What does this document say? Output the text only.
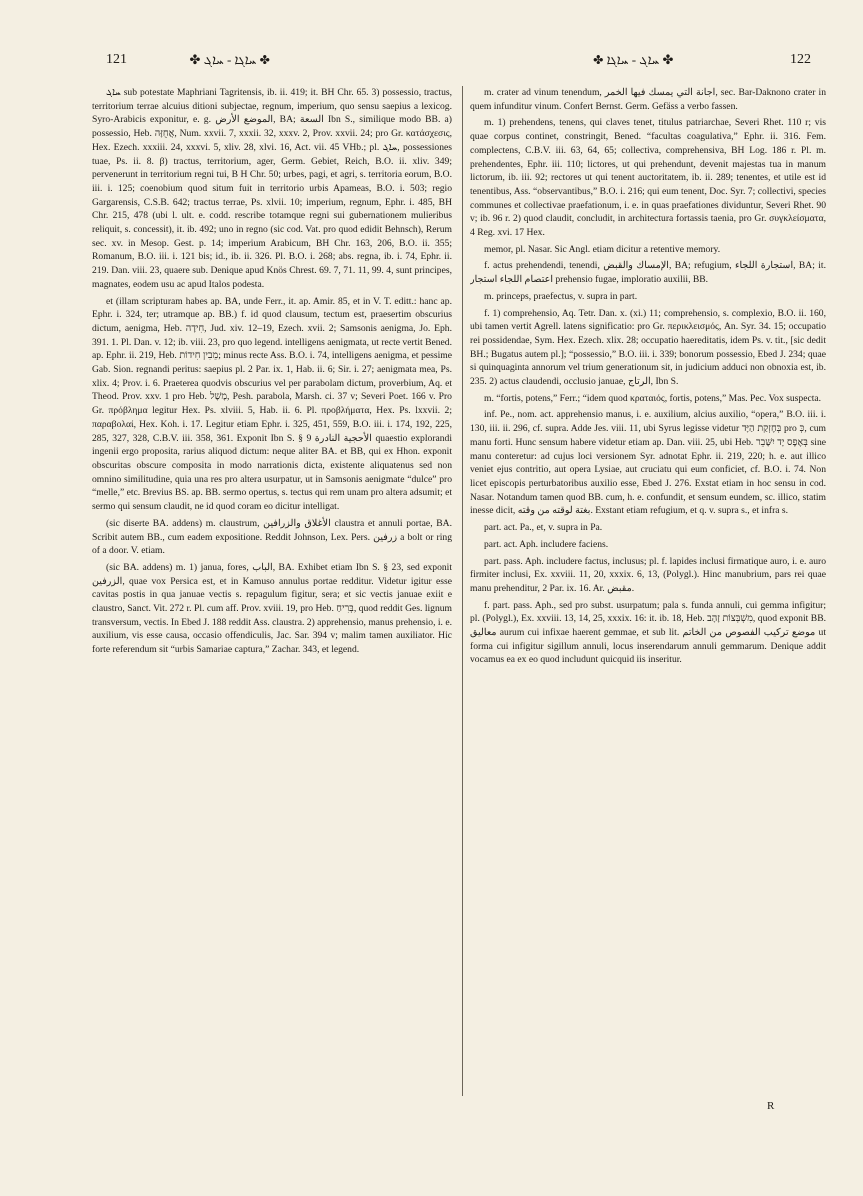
121	✤ ܚܐܓ - ܚܐܓܐ ✤ ✤ ܚܐܓܐ - ܚܐܓ ✤	122

ܚܐܓ sub potestate Maphriani Tagritensis, ib. ii. 419; it. BH Chr. 65. 3) possessio, tractus, territorium terrae alcuius ditioni subjectae, regnum, imperium, quo sensu saepius a lexicog. Syro-Arabicis exponitur, e. g. الموضع الأرض, BA; السعة Ibn S., similique modo BB. a) possessio, Heb. אֲחֻזָּה, Num. xxvii. 7, xxxii. 32, xxxv. 2, Prov. xxvii. 24; pro Gr. κατάσχεσις, Hex. Ezech. xxxiii. 24, xxxvi. 5, xliv. 28, xlvi. 16, Act. vii. 45 VHb.; pl. ܚܐܓ, possessiones tuae, Ps. ii. 8. β) tractus, territorium, ager, Germ. Gebiet, Reich, B.O. ii. xliv. 349; pervenerunt in territorium regni tui, B H Chr. 50; urbes, pagi, et agri, s. territoria eorum, B.O. iii. i. 125; coenobium quod situm fuit in territorio urbis Apameas, B.O. i. 503; regio Gargarensis, C.S.B. 642; tractus terrae, Ps. xlvii. 10; imperium, regnum, Ephr. i. 485, BH Chr. 215, 478 (ubi l. ult. e. codd. rescribe totamque regni sui gubernationem mulieribus reliquit, s. concessit), it. ib. 492; uno in regno (sic cod. Vat. pro quod edidit Behnsch), Rerum sec. xv. in Mesop. Gest. p. 14; imperium Arabicum, BH Chr. 163, 206, B.O. ii. 355; Romanum, B.O. iii. i. 121 bis; id., ib. ii. 326. Pl. B.O. i. 268; abs. regna, ib. i. 74, Ephr. ii. 219. Dan. viii. 23, quaere sub. Denique apud Knös Chrest. 69. 7, 71. 11, 99. 4, sunt principes, magnates, eodem usu ac apud Italos podesta.

et (illam scripturam habes ap. BA, unde Ferr., it. ap. Amir. 85, et in V. T. editt.: hanc ap. Ephr. i. 324, ter; utramque ap. BB.) f. id quod clausum, tectum est, praesertim obscurius dictum, aenigma, Heb. חִידָה, Jud. xiv. 12–19, Ezech. xvii. 2; Samsonis aenigma, Jo. Eph. 391. 1. Pl. Dan. v. 12; ib. viii. 23, pro quo legend. intelligens aenigmata, ut recte vertit Bened. ap. Ephr. ii. 219, Heb. מֵבִין חִידוֹת; minus recte Ass. B.O. i. 74, intelligens aenigma, et pessime Gab. Sion. regnandi peritus: saepius pl. 2 Par. ix. 1, Hab. ii. 6; Sir. i. 27; aenigmata mea, Ps. xlix. 4; Prov. i. 6. Praeterea quodvis obscurius vel per parabolam dictum, proverbium, Aq. et Theod. Prov. xxv. 1 pro Heb. מָשָׁל, Pesh. parabola, Marsh. ci. 37 v; Severi Poet. 166 v. Pro Gr. πρόβλημα legitur Hex. Ps. xlviii. 5, Hab. ii. 6. Pl. προβλήματα, Hex. Ps. lxxvii. 2; παραβολαί, Hex. Koh. i. 17. Legitur etiam Ephr. i. 325, 451, 559, B.O. iii. i. 174, 192, 225, 285, 327, 328, C.B.V. iii. 358, 361. Exponit Ibn S. § 9 الأحجية النادرة quaestio explorandi ingenii ergo proposita, rarius aliquod dictum: neque aliter BA. et BB, qui ex Hhon. exponit obscuritas obscure composita in modo narrationis dicta, existente aliquatenus sed non omnino similitudine, quia una res pro altera usurpatur, ut in Samsonis aenigmate “dulce” pro “melle,” etc. Brevius BS. ap. BB. sermo opertus, s. tectus qui rem unam pro altera adsumit; et sermo qui sensum claudit, ne id quod coram eo dicitur intelligat.

(sic diserte BA. addens) m. claustrum, الأغلاق والزرافين claustra et annuli portae, BA. Scribit autem BB., cum eadem expositione. Reddit Johnson, Lex. Pers. زرفين a bolt or ring of a door. V. etiam.

(sic BA. addens) m. 1) janua, fores, الباب, BA. Exhibet etiam Ibn S. § 23, sed exponit الزرفين, quae vox Persica est, et in Kamuso annulus portae redditur. Videtur igitur esse cavitas postis in qua januae vectis s. repagulum figitur, sera; et sic vectis januae exiit e claustro, Sanct. Vit. 272 r. Pl. cum aff. Prov. xviii. 19, pro Heb. בְּרִיחַ, quod reddit Ges. lignum transversum, vectis. In Ebed J. 188 reddit Ass. claustra. 2) apprehensio, manus prehensio, i. e. auxilium, vis esse causa, occasio offendiculis, Jac. Sar. 394 v; malim tamen auxiliator. Hic forte referendum sit “urbis Samariae captura,” Zachar. 343, et legend.

m. crater ad vinum tenendum, اجانة التي يمسك فيها الخمر, sec. Bar-Daknono crater in quem infunditur vinum. Confert Bernst. Germ. Gefäss a verbo fassen.

m. 1) prehendens, tenens, qui claves tenet, titulus patriarchae, Severi Rhet. 110 r; vis quae corpus continet, constringit, Bened. “facultas coagulativa,” Ephr. ii. 316. Fem. complectens, C.B.V. iii. 63, 64, 65; collectiva, comprehensiva, BH Log. 186 r. Pl. m. prehendentes, Ephr. iii. 110; lictores, ut qui prehendunt, devenit majestas tua in manum lictorum, ib. iii. 92; rectores ut qui tenent auctoritatem, ib. ii. 289; tenentes, et utile est id tenentibus, Ass. “observantibus,” B.O. i. 216; qui eum tenent, Doc. Syr. 7; collectivi, species communes et collectivae praefationum, i. e. in quas praefationes dividuntur, Severi Rhet. 90 v; ib. 96 r. 2) quod claudit, concludit, in architectura fortassis taenia, pro Gr. συγκλείσματα, 4 Reg. xvi. 17 Hex.

memor, pl. Nasar. Sic Angl. etiam dicitur a retentive memory.

f. actus prehendendi, tenendi, الإمساك والقبض, BA; refugium, استجارة اللجاء, BA; it. اعتصام اللجاء استجار prehensio fugae, imploratio auxilii, BB.

m. princeps, praefectus, v. supra in part.

f. 1) comprehensio, Aq. Tetr. Dan. x. (xi.) 11; comprehensio, s. complexio, B.O. ii. 160, ubi tamen vertit Agrell. latens significatio: pro Gr. περικλεισμός, An. Syr. 34. 15; occupatio rei possidendae, Sym. Hex. Ezech. xlix. 28; occupatio haereditatis, idem Ps. v. tit., [sic dedit BH.; Bugatus autem pl.]; “possessio,” B.O. iii. i. 339; bonorum possessio, Ebed J. 234; quae si quinquaginta annorum vel trium generationum sit, in judicium adduci non obnoxia est, ib. 235. 2) actus claudendi, occlusio januae, الرتاج, Ibn S.

m. “fortis, potens,” Ferr.; “idem quod κραταιός, fortis, potens,” Mas. Pec. Vox suspecta.

inf. Pe., nom. act. apprehensio manus, i. e. auxilium, alcius auxilio, “opera,” B.O. iii. i. 130, iii. ii. 296, cf. supra. Adde Jes. viii. 11, ubi Syrus legisse videtur בְּחֶזְקַת הַיָּד pro כְּ, cum manu forti. Hunc sensum habere videtur etiam ap. Dan. viii. 25, ubi Heb. בְּאֶפֶס יָד יִשָּׁבֵר sine manu conteretur: ad cujus loci versionem Syr. adnotat Ephr. ii. 219, 220; h. e. aut illico veniet ejus contritio, aut opera Lysiae, aut cruciatu qui eum conficiet, cf. B.O. i. 74. Non licet episcopis perturbatoribus auxilio esse, Ebed J. 276. Exstat etiam in hoc sensu in cod. Nasar. Notandum tamen quod BB. cum, h. e. confundit, et sensum eundem, sc. illico, statim inesse dicit, بغتة لوقته من وقته. Exstant etiam refugium, et q. v. supra s., et infra s.

part. act. Pa., et, v. supra in Pa.

part. act. Aph. includere faciens.

part. pass. Aph. includere factus, inclusus; pl. f. lapides inclusi firmatique auro, i. e. auro firmiter inclusi, Ex. xxviii. 11, 20, xxxix. 6, 13, (Polygl.). Hinc manubrium, pars rei quae manu prehenditur, 2 Par. ix. 16. Ar. مقبض.

f. part. pass. Aph., sed pro subst. usurpatum; pala s. funda annuli, cui gemma infigitur; pl. (Polygl.), Ex. xxviii. 13, 14, 25, xxxix. 16: it. ib. 18, Heb. מִשְׁבְּצוֹת זָהָב, quod exponit BB. معاليق aurum cui infixae haerent gemmae, et sub lit. موضع تركيب الفصوص من الخاتم ut forma cui infigitur sigillum annuli, locus inserendarum annuli gemmarum. Denique addit vocamus ea ex eo quod includunt quicquid iis inseritur.

R
